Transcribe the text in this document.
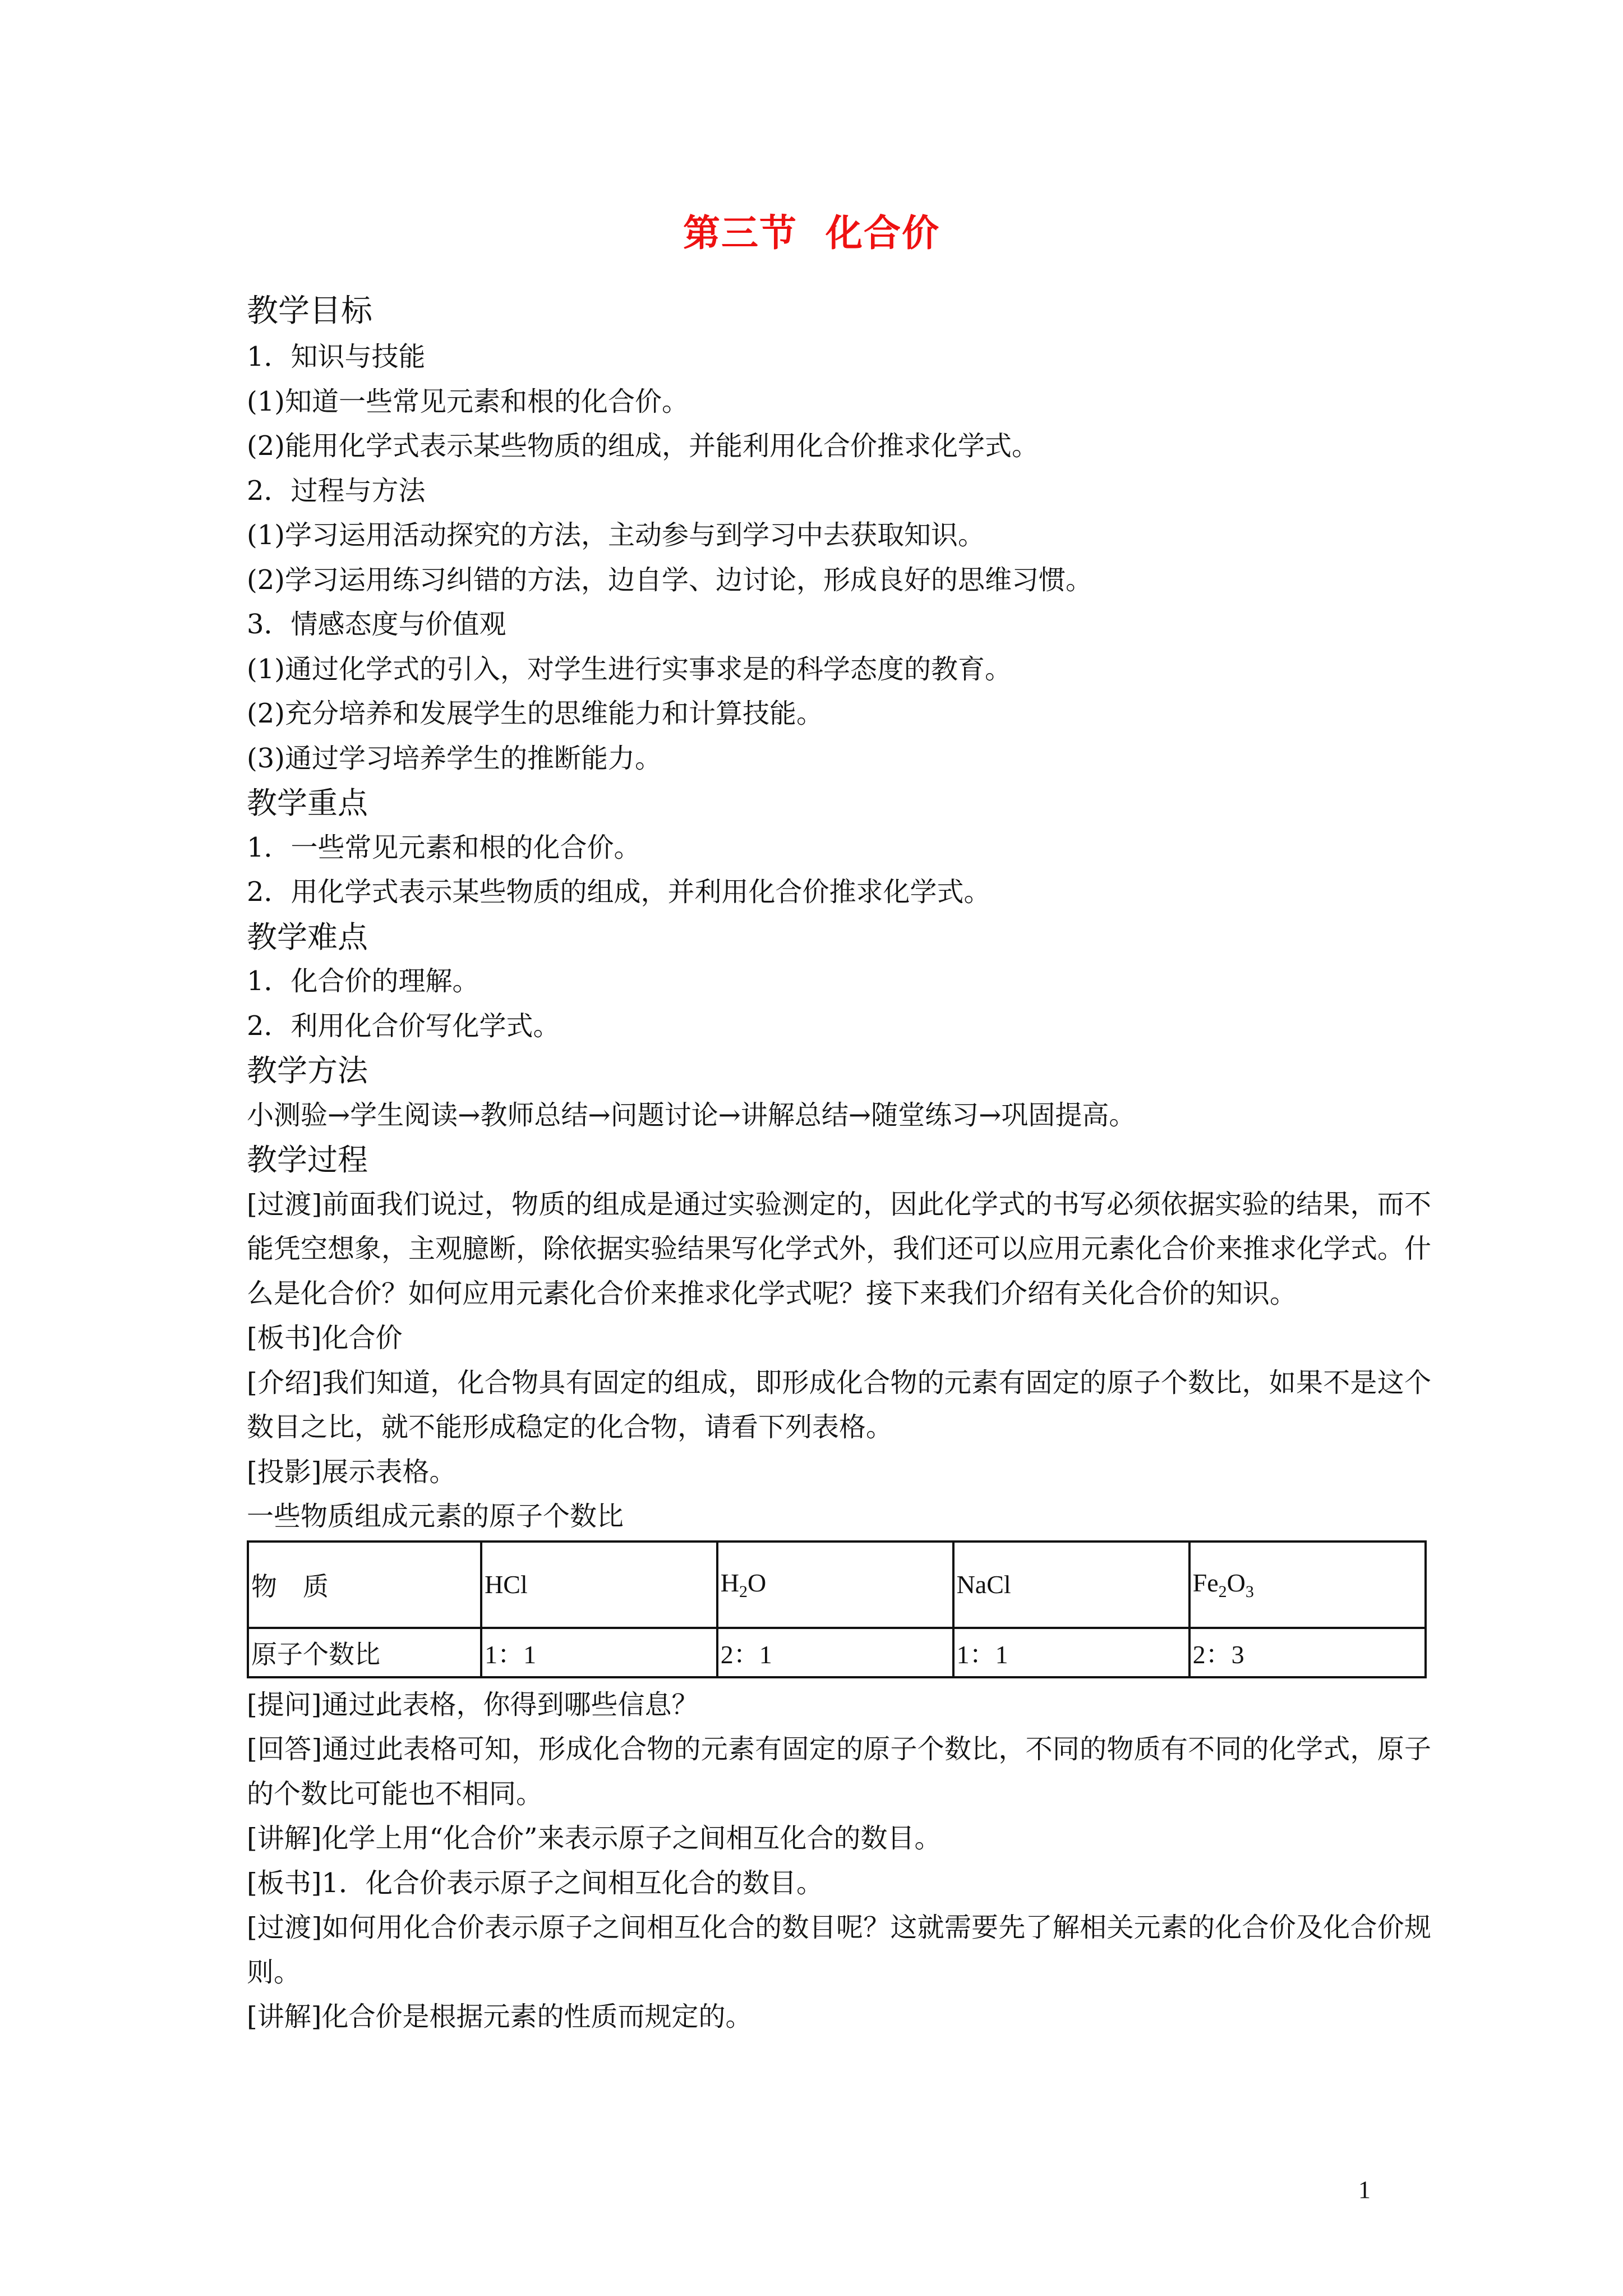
第三节  化合价
教学目标
1．知识与技能
(1)知道一些常见元素和根的化合价。
(2)能用化学式表示某些物质的组成，并能利用化合价推求化学式。
2．过程与方法
(1)学习运用活动探究的方法，主动参与到学习中去获取知识。
(2)学习运用练习纠错的方法，边自学、边讨论，形成良好的思维习惯。
3．情感态度与价值观
(1)通过化学式的引入，对学生进行实事求是的科学态度的教育。
(2)充分培养和发展学生的思维能力和计算技能。
(3)通过学习培养学生的推断能力。
教学重点
1．一些常见元素和根的化合价。
2．用化学式表示某些物质的组成，并利用化合价推求化学式。
教学难点
1．化合价的理解。
2．利用化合价写化学式。
教学方法
小测验→学生阅读→教师总结→问题讨论→讲解总结→随堂练习→巩固提高。
教学过程
[过渡]前面我们说过，物质的组成是通过实验测定的，因此化学式的书写必须依据实验的结果，而不能凭空想象，主观臆断，除依据实验结果写化学式外，我们还可以应用元素化合价来推求化学式。什么是化合价？如何应用元素化合价来推求化学式呢？接下来我们介绍有关化合价的知识。
[板书]化合价
[介绍]我们知道，化合物具有固定的组成，即形成化合物的元素有固定的原子个数比，如果不是这个数目之比，就不能形成稳定的化合物，请看下列表格。
[投影]展示表格。
一些物质组成元素的原子个数比
物　质	HCl	$H_2O$	NaCl	$Fe_2O_3$
原子个数比	1：1	2：1	1：1	2：3
[提问]通过此表格，你得到哪些信息？
[回答]通过此表格可知，形成化合物的元素有固定的原子个数比，不同的物质有不同的化学式，原子的个数比可能也不相同。
[讲解]化学上用“化合价”来表示原子之间相互化合的数目。
[板书]1．化合价表示原子之间相互化合的数目。
[过渡]如何用化合价表示原子之间相互化合的数目呢？这就需要先了解相关元素的化合价及化合价规则。
[讲解]化合价是根据元素的性质而规定的。
1
